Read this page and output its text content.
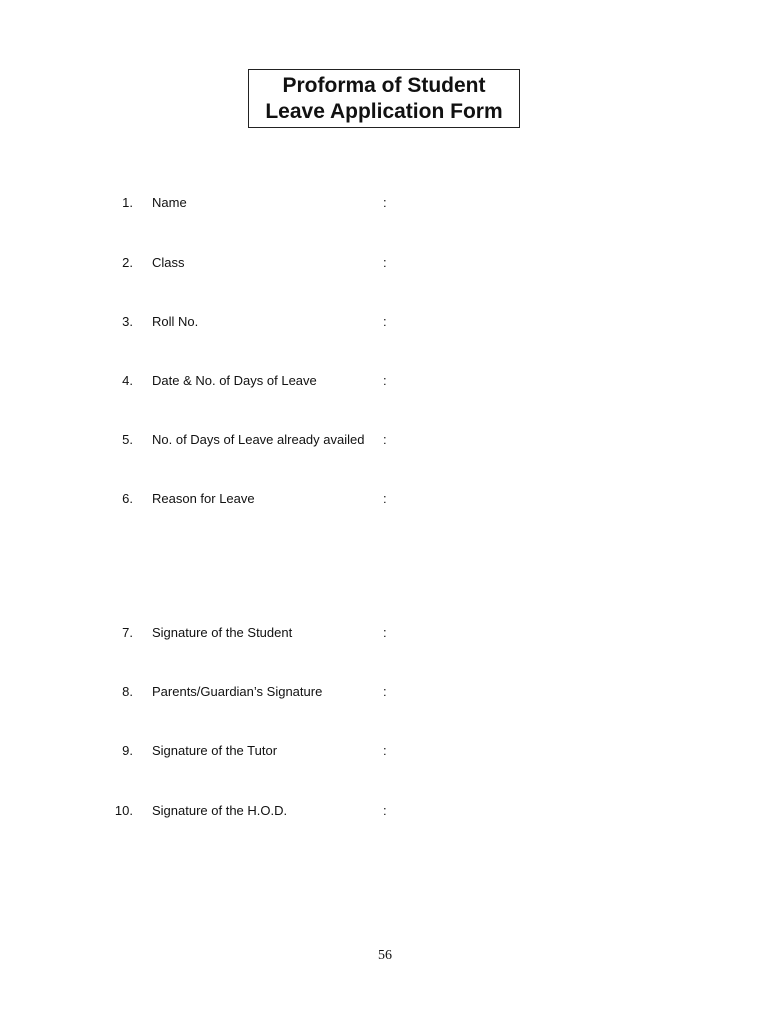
Proforma of Student
Leave Application Form
1. Name	:
2. Class	:
3. Roll No.	:
4. Date & No. of Days of Leave	:
5. No. of Days of Leave already availed :
6. Reason for Leave	:
7. Signature of the Student	:
8. Parents/Guardian’s Signature	:
9. Signature of the Tutor	:
10. Signature of the H.O.D.	:
56
